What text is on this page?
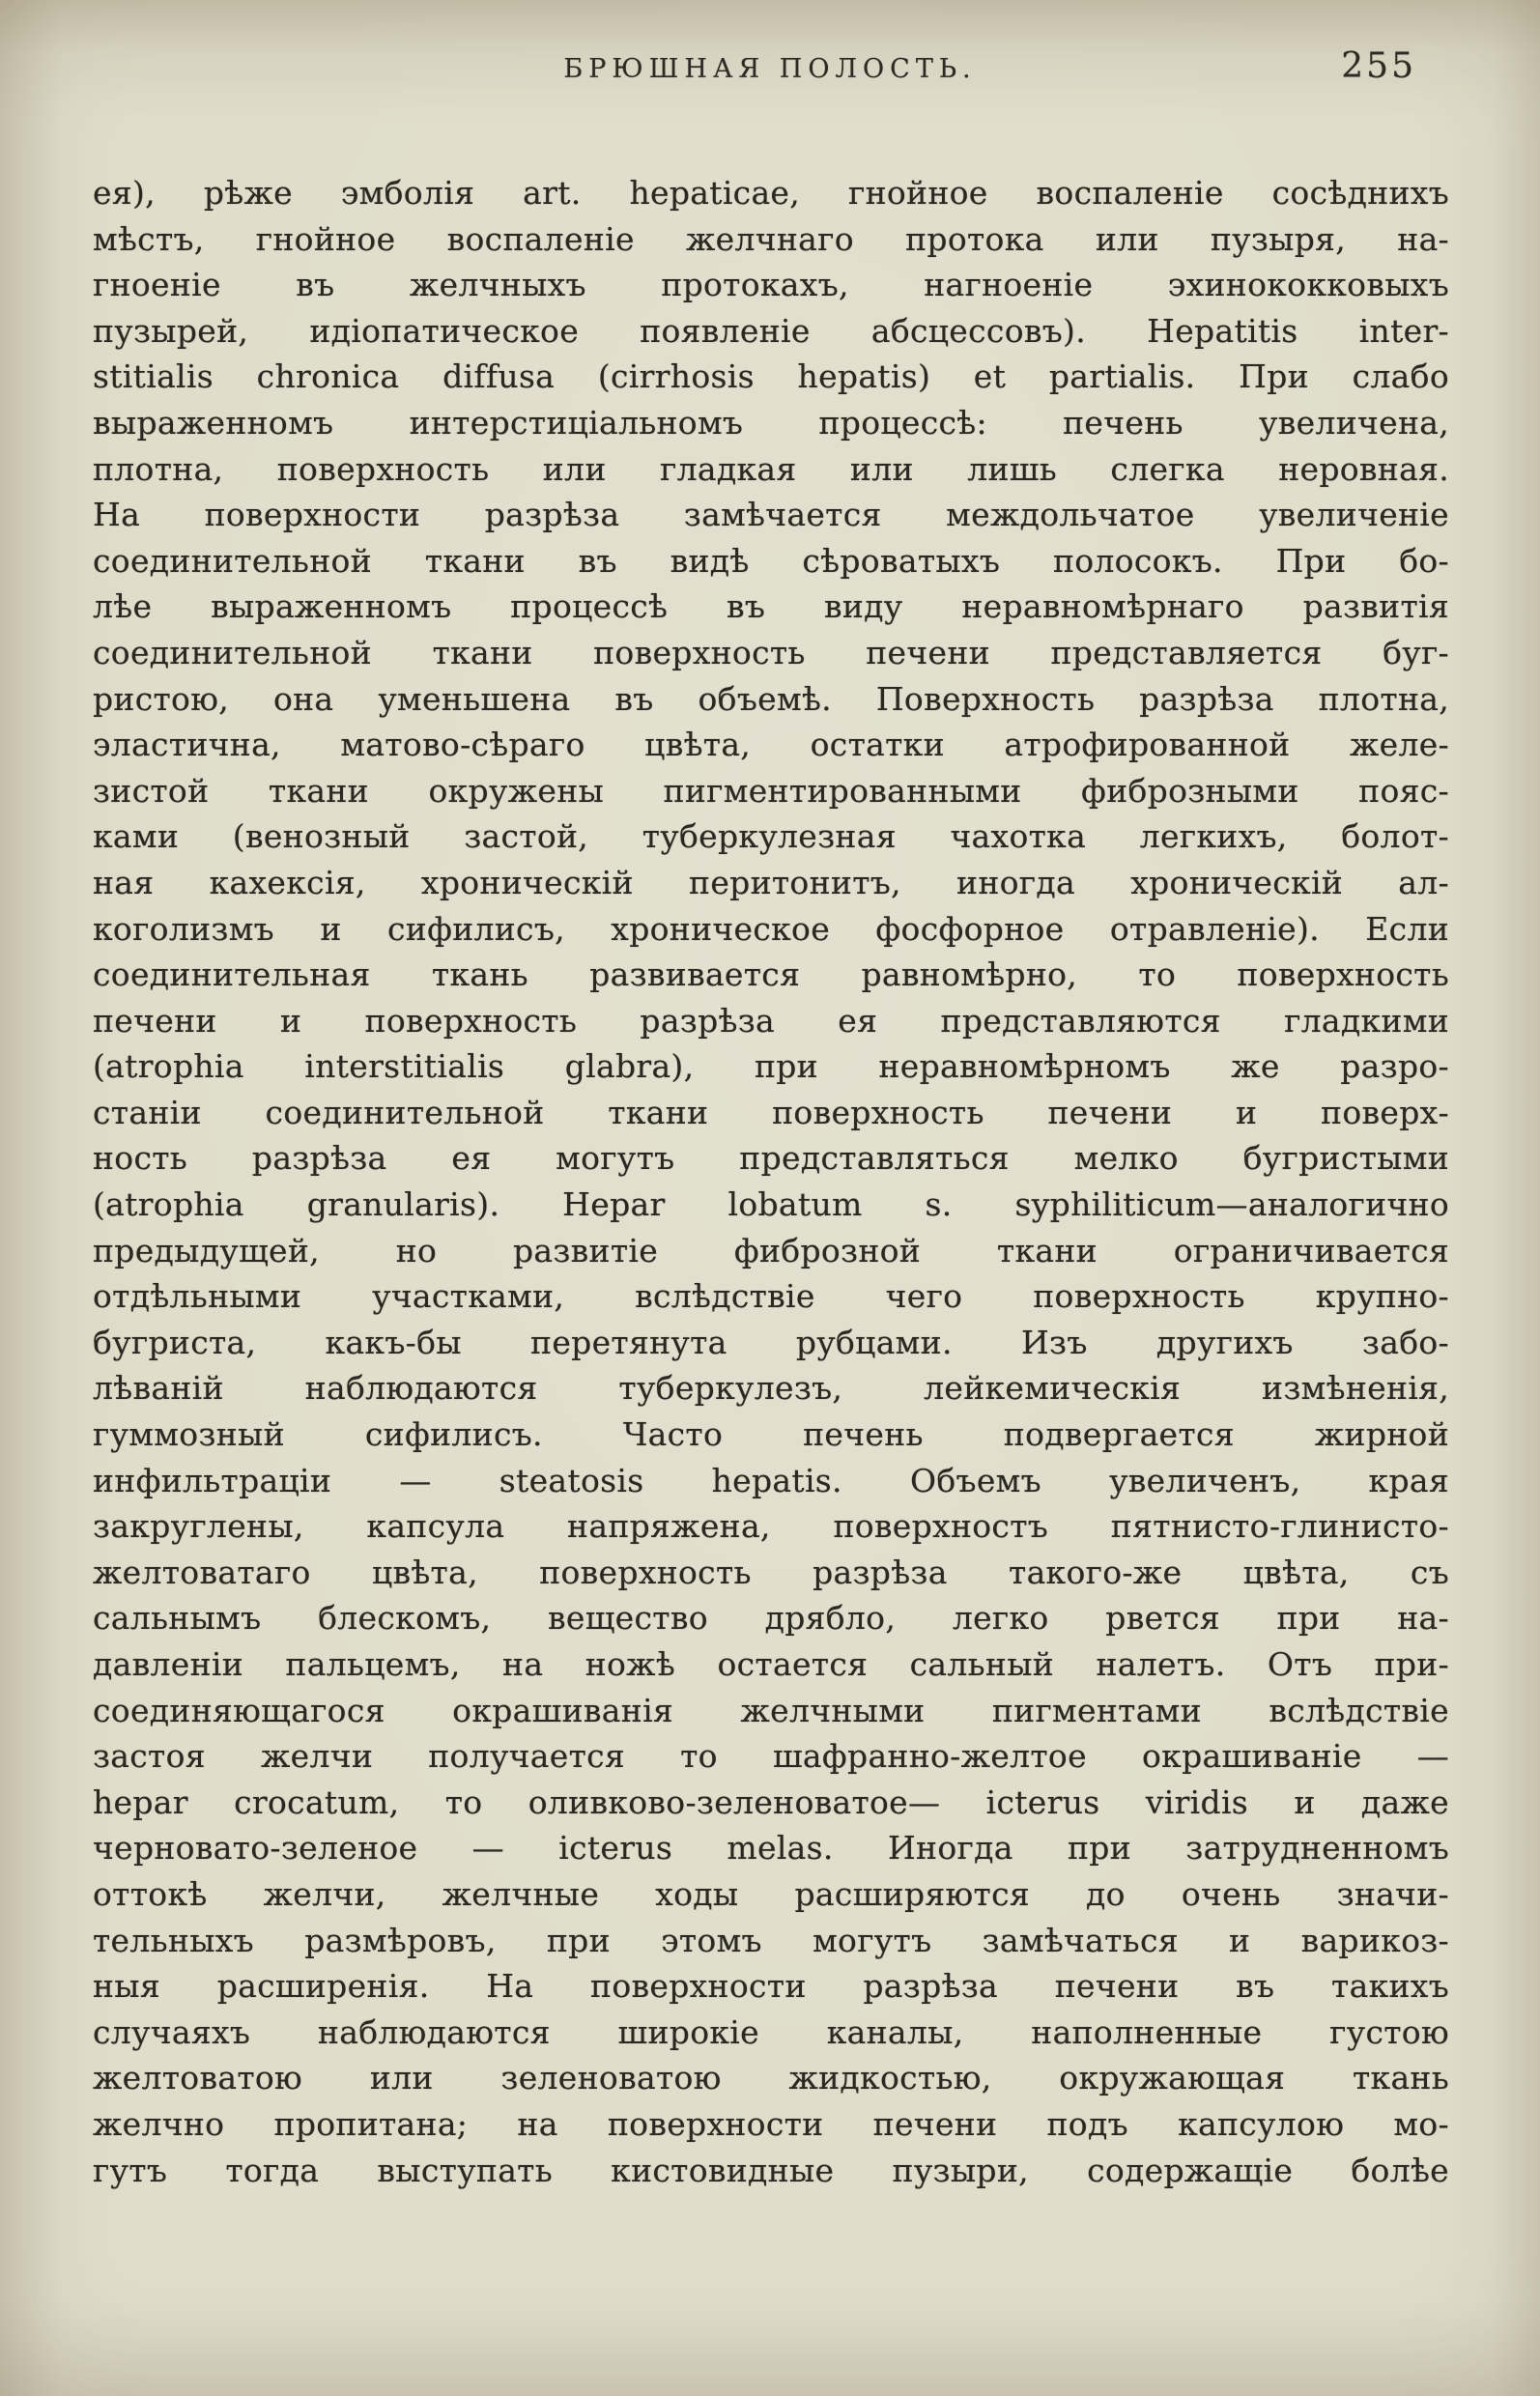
БРЮШНАЯ ПОЛОСТЬ.	255
ея), рѣже эмболія art. hepaticae, гнойное воспаленіе сосѣднихъ
мѣстъ, гнойное воспаленіе желчнаго протока или пузыря, на-
гноеніе въ желчныхъ протокахъ, нагноеніе эхинококковыхъ
пузырей, идіопатическое появленіе абсцессовъ). Hepatitis inter-
stitialis chronica diffusa (cirrhosis hepatis) et partialis. При слабо
выраженномъ интерстиціальномъ процессѣ: печень увеличена,
плотна, поверхность или гладкая или лишь слегка неровная.
На поверхности разрѣза замѣчается междольчатое увеличеніе
соединительной ткани въ видѣ сѣроватыхъ полосокъ. При бо-
лѣе выраженномъ процессѣ въ виду неравномѣрнаго развитія
соединительной ткани поверхность печени представляется буг-
ристою, она уменьшена въ объемѣ. Поверхность разрѣза плотна,
эластична, матово-сѣраго цвѣта, остатки атрофированной желе-
зистой ткани окружены пигментированными фиброзными пояс-
ками (венозный застой, туберкулезная чахотка легкихъ, болот-
ная кахексія, хроническій перитонитъ, иногда хроническій ал-
коголизмъ и сифилисъ, хроническое фосфорное отравленіе). Если
соединительная ткань развивается равномѣрно, то поверхность
печени и поверхность разрѣза ея представляются гладкими
(atrophia interstitialis glabra), при неравномѣрномъ же разро-
станіи соединительной ткани поверхность печени и поверх-
ность разрѣза ея могутъ представляться мелко бугристыми
(atrophia granularis). Hepar lobatum s. syphiliticum—аналогично
предыдущей, но развитіе фиброзной ткани ограничивается
отдѣльными участками, вслѣдствіе чего поверхность крупно-
бугриста, какъ-бы перетянута рубцами. Изъ другихъ забо-
лѣваній наблюдаются туберкулезъ, лейкемическія измѣненія,
гуммозный сифилисъ. Часто печень подвергается жирной
инфильтраціи — steatosis hepatis. Объемъ увеличенъ, края
закруглены, капсула напряжена, поверхностъ пятнисто-глинисто-
желтоватаго цвѣта, поверхность разрѣза такого-же цвѣта, съ
сальнымъ блескомъ, вещество дрябло, легко рвется при на-
давленіи пальцемъ, на ножѣ остается сальный налетъ. Отъ при-
соединяющагося окрашиванія желчными пигментами вслѣдствіе
застоя желчи получается то шафранно-желтое окрашиваніе —
hepar crocatum, то оливково-зеленоватое— icterus viridis и даже
черновато-зеленое — icterus melas. Иногда при затрудненномъ
оттокѣ желчи, желчные ходы расширяются до очень значи-
тельныхъ размѣровъ, при этомъ могутъ замѣчаться и варикоз-
ныя расширенія. На поверхности разрѣза печени въ такихъ
случаяхъ наблюдаются широкіе каналы, наполненные густою
желтоватою или зеленоватою жидкостью, окружающая ткань
желчно пропитана; на поверхности печени подъ капсулою мо-
гутъ тогда выступать кистовидные пузыри, содержащіе болѣе
